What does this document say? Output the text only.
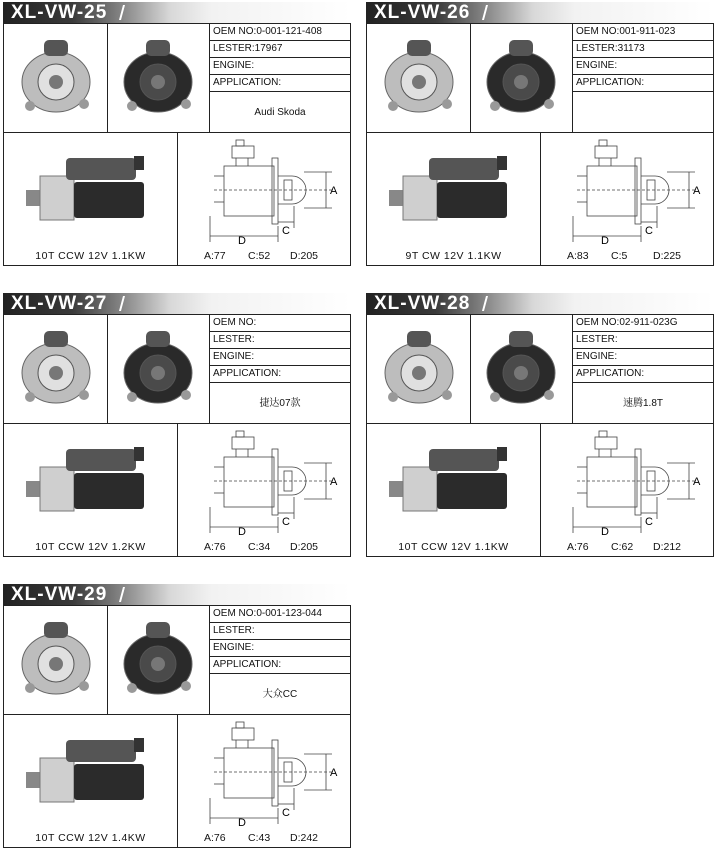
XL-VW-25
OEM NO:0-001-121-408
LESTER:17967
ENGINE:
APPLICATION:
Audi Skoda
A
C
D
10T CCW 12V 1.1KW	A:77 C:52 D:205
XL-VW-26
OEM NO:001-911-023
LESTER:31173
ENGINE:
APPLICATION:
A
C
D
9T CW 12V 1.1KW	A:83 C:5 D:225
XL-VW-27
OEM NO:
LESTER:
ENGINE:
APPLICATION:
捷达07款
A
C
D
10T CCW 12V 1.2KW	A:76 C:34 D:205
XL-VW-28
OEM NO:02-911-023G
LESTER:
ENGINE:
APPLICATION:
速腾1.8T
A
C
D
10T CCW 12V 1.1KW	A:76 C:62 D:212
XL-VW-29
OEM NO:0-001-123-044
LESTER:
ENGINE:
APPLICATION:
大众CC
A
C
D
10T CCW 12V 1.4KW	A:76 C:43 D:242
